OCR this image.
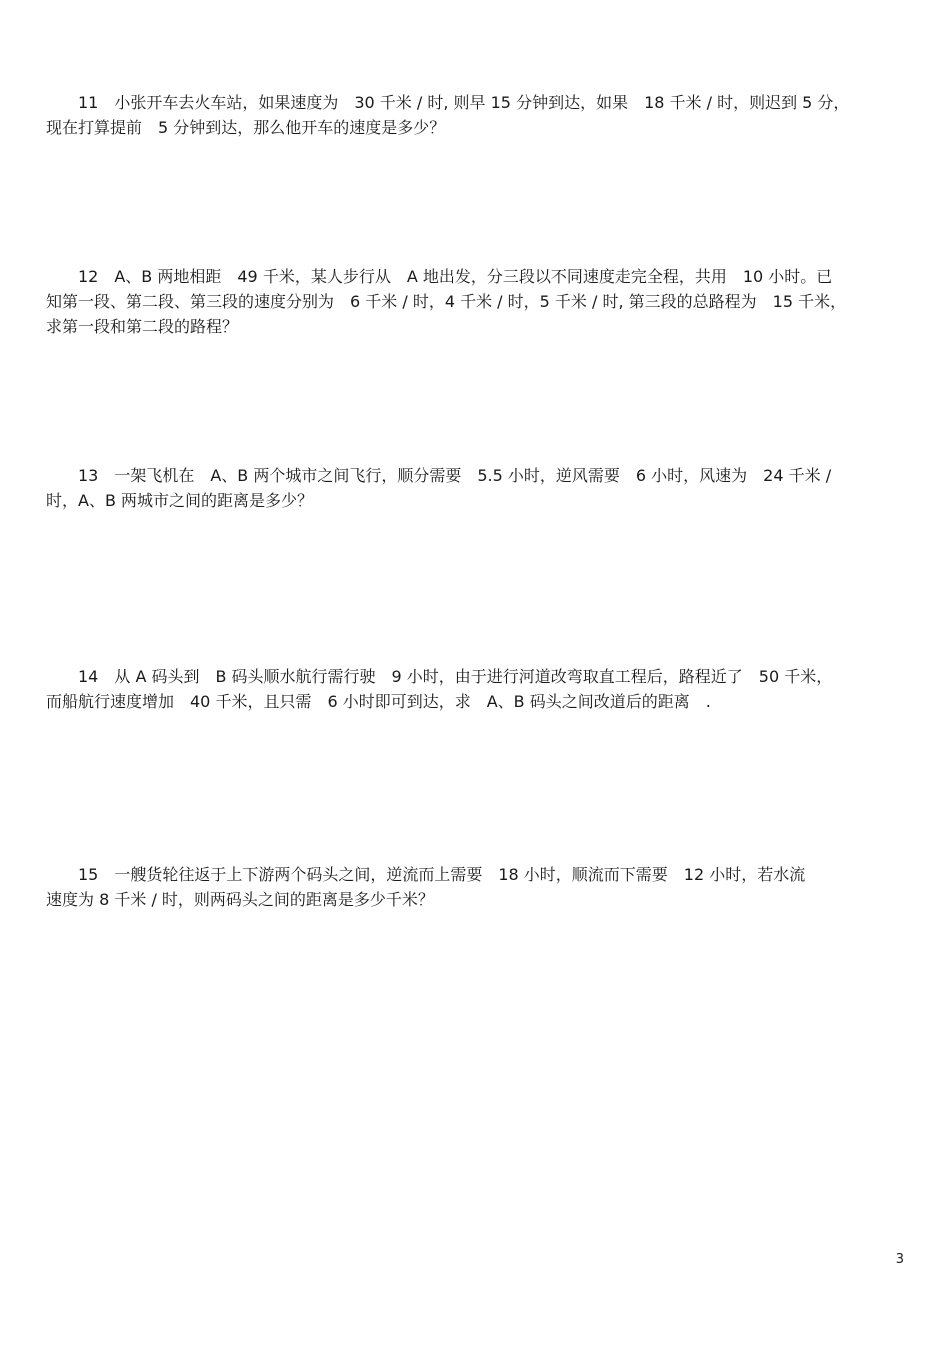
11　小张开车去火车站，如果速度为　30 千米 / 时, 则早 15 分钟到达，如果　18 千米 / 时，则迟到 5 分，
现在打算提前　5 分钟到达，那么他开车的速度是多少？
12　A、B 两地相距　49 千米，某人步行从　A 地出发，分三段以不同速度走完全程，共用　10 小时。已
知第一段、第二段、第三段的速度分别为　6 千米 / 时，4 千米 / 时，5 千米 / 时, 第三段的总路程为　15 千米，
求第一段和第二段的路程？
13　一架飞机在　A、B 两个城市之间飞行，顺分需要　5.5 小时，逆风需要　6 小时，风速为　24 千米 /
时，A、B 两城市之间的距离是多少？
14　从 A 码头到　B 码头顺水航行需行驶　9 小时，由于进行河道改弯取直工程后，路程近了　50 千米，
而船航行速度增加　40 千米，且只需　6 小时即可到达，求　A、B 码头之间改道后的距离　.
15　一艘货轮往返于上下游两个码头之间，逆流而上需要　18 小时，顺流而下需要　12 小时，若水流
速度为 8 千米 / 时，则两码头之间的距离是多少千米？
3
